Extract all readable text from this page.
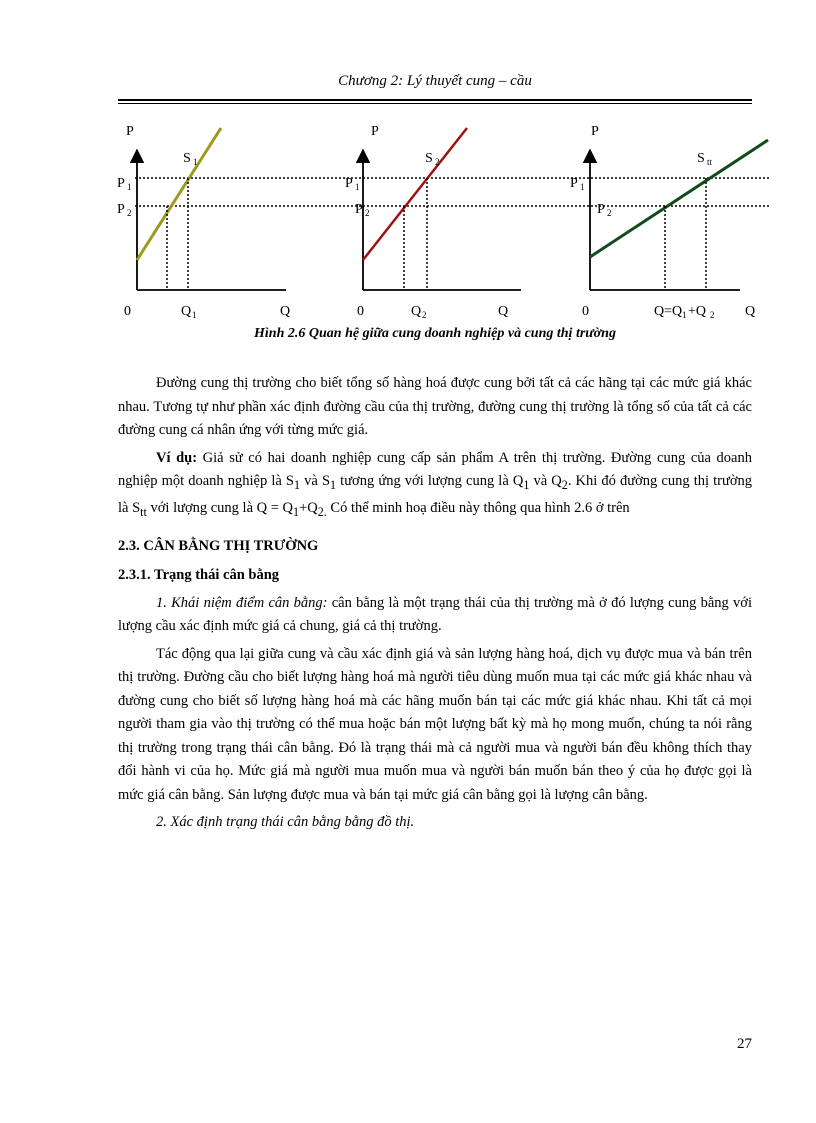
Chương 2: Lý thuyết cung – cầu
P
S 1
P 1
P 2
0	Q 1	Q
P
S 2
P 1
P 2
0	Q 2	Q
P
S tt
P 1
P 2
0	Q=Q 1 +Q 2 Q
Hình 2.6 Quan hệ giữa cung doanh nghiệp và cung thị trường

Đường cung thị trường cho biết tổng số hàng hoá được cung bởi tất cả các hãng tại các mức giá khác nhau. Tương tự như phần xác định đường cầu của thị trường, đường cung thị trường là tổng số của tất cả các đường cung cá nhân ứng với từng mức giá.

Ví dụ: Giả sử có hai doanh nghiệp cung cấp sản phẩm A trên thị trường. Đường cung của doanh nghiệp một doanh nghiệp là $S_1$ và $S_1$ tương ứng với lượng cung là $Q_1$ và $Q_2$. Khi đó đường cung thị trường là $S_{tt}$ với lượng cung là $Q = Q_1+Q_{2.}$ Có thể minh hoạ điều này thông qua hình 2.6 ở trên

2.3. CÂN BẰNG THỊ TRƯỜNG
2.3.1. Trạng thái cân bằng

1. Khái niệm điểm cân bằng: cân bằng là một trạng thái của thị trường mà ở đó lượng cung bằng với lượng cầu xác định mức giá cả chung, giá cả thị trường.

Tác động qua lại giữa cung và cầu xác định giá và sản lượng hàng hoá, dịch vụ được mua và bán trên thị trường. Đường cầu cho biết lượng hàng hoá mà người tiêu dùng muốn mua tại các mức giá khác nhau và đường cung cho biết số lượng hàng hoá mà các hãng muốn bán tại các mức giá khác nhau. Khi tất cả mọi người tham gia vào thị trường có thể mua hoặc bán một lượng bất kỳ mà họ mong muốn, chúng ta nói rằng thị trường trong trạng thái cân bằng. Đó là trạng thái mà cả người mua và người bán đều không thích thay đổi hành vi của họ. Mức giá mà người mua muốn mua và người bán muốn bán theo ý của họ được gọi là mức giá cân bằng. Sản lượng được mua và bán tại mức giá cân bằng gọi là lượng cân bằng.

2. Xác định trạng thái cân bằng bằng đồ thị.

27
